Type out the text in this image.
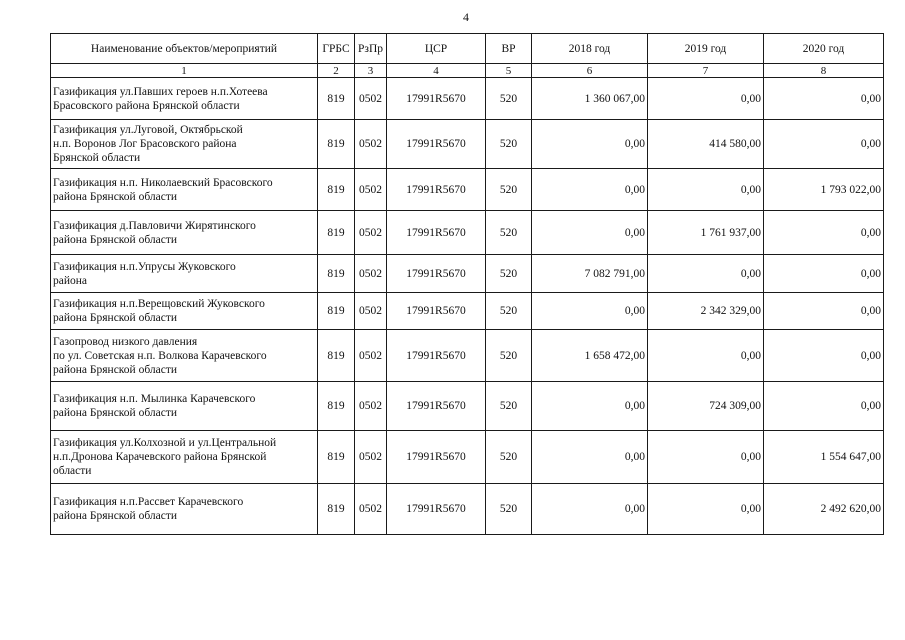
4
Наименование объектов/мероприятий	ГРБС	РзПр	ЦСР	ВР	2018 год	2019 год	2020 год
1	2	3	4	5	6	7	8
Газификация ул.Павших героев н.п.Хотеева
Брасовского района Брянской области	819	0502	17991R5670	520	1 360 067,00	0,00	0,00
Газификация ул.Луговой, Октябрьской
н.п. Воронов Лог Брасовского района
Брянской области	819	0502	17991R5670	520	0,00	414 580,00	0,00
Газификация н.п. Николаевский Брасовского
района Брянской области	819	0502	17991R5670	520	0,00	0,00	1 793 022,00
Газификация д.Павловичи Жирятинского
района Брянской области	819	0502	17991R5670	520	0,00	1 761 937,00	0,00
Газификация н.п.Упрусы Жуковского
района	819	0502	17991R5670	520	7 082 791,00	0,00	0,00
Газификация н.п.Верещовский Жуковского
района Брянской области	819	0502	17991R5670	520	0,00	2 342 329,00	0,00
Газопровод низкого давления
по ул. Советская н.п. Волкова Карачевского
района Брянской области	819	0502	17991R5670	520	1 658 472,00	0,00	0,00
Газификация н.п. Мылинка Карачевского
района Брянской области	819	0502	17991R5670	520	0,00	724 309,00	0,00
Газификация ул.Колхозной и ул.Центральной
н.п.Дронова Карачевского района Брянской
области	819	0502	17991R5670	520	0,00	0,00	1 554 647,00
Газификация н.п.Рассвет Карачевского
района Брянской области	819	0502	17991R5670	520	0,00	0,00	2 492 620,00
